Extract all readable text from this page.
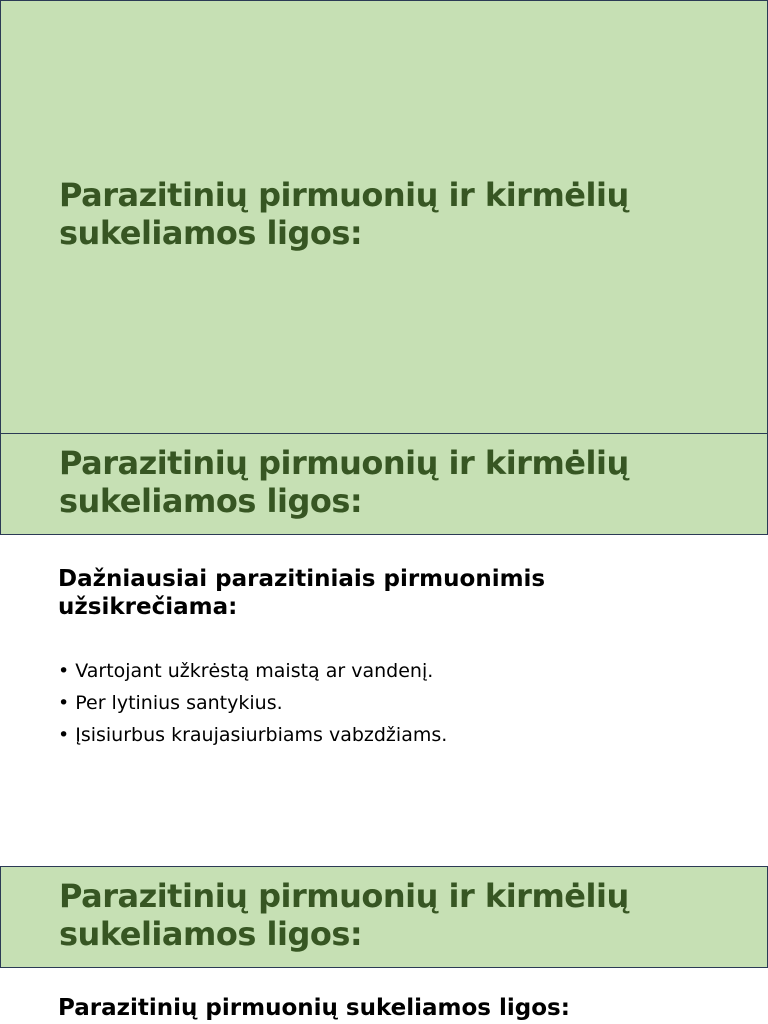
Parazitinių pirmuonių ir kirmėlių sukeliamos ligos:
Parazitinių pirmuonių ir kirmėlių sukeliamos ligos:

Dažniausiai parazitiniais pirmuonimis užsikrečiama:

• Vartojant užkrėstą maistą ar vandenį.
• Per lytinius santykius.
• Įsisiurbus kraujasiurbiams vabzdžiams.
Parazitinių pirmuonių ir kirmėlių sukeliamos ligos:

Parazitinių pirmuonių sukeliamos ligos:
